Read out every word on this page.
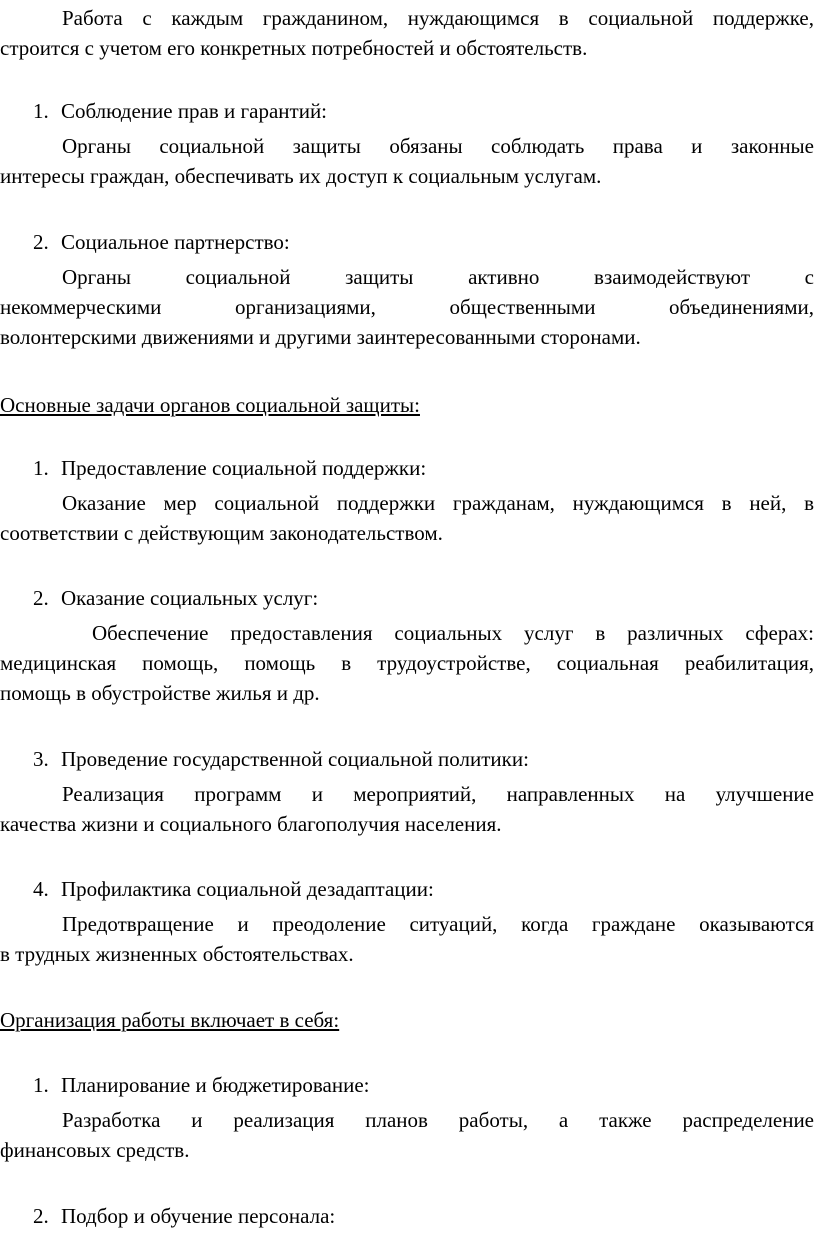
Работа с каждым гражданином, нуждающимся в социальной поддержке,
строится с учетом его конкретных потребностей и обстоятельств.
1. Соблюдение прав и гарантий:
Органы социальной защиты обязаны соблюдать права и законные
интересы граждан, обеспечивать их доступ к социальным услугам.
2. Социальное партнерство:
Органы социальной защиты активно взаимодействуют с
некоммерческими организациями, общественными объединениями,
волонтерскими движениями и другими заинтересованными сторонами.
Основные задачи органов социальной защиты:
1. Предоставление социальной поддержки:
Оказание мер социальной поддержки гражданам, нуждающимся в ней, в
соответствии с действующим законодательством.
2. Оказание социальных услуг:
Обеспечение предоставления социальных услуг в различных сферах:
медицинская помощь, помощь в трудоустройстве, социальная реабилитация,
помощь в обустройстве жилья и др.
3. Проведение государственной социальной политики:
Реализация программ и мероприятий, направленных на улучшение
качества жизни и социального благополучия населения.
4. Профилактика социальной дезадаптации:
Предотвращение и преодоление ситуаций, когда граждане оказываются
в трудных жизненных обстоятельствах.
Организация работы включает в себя:
1. Планирование и бюджетирование:
Разработка и реализация планов работы, а также распределение
финансовых средств.
2. Подбор и обучение персонала:
